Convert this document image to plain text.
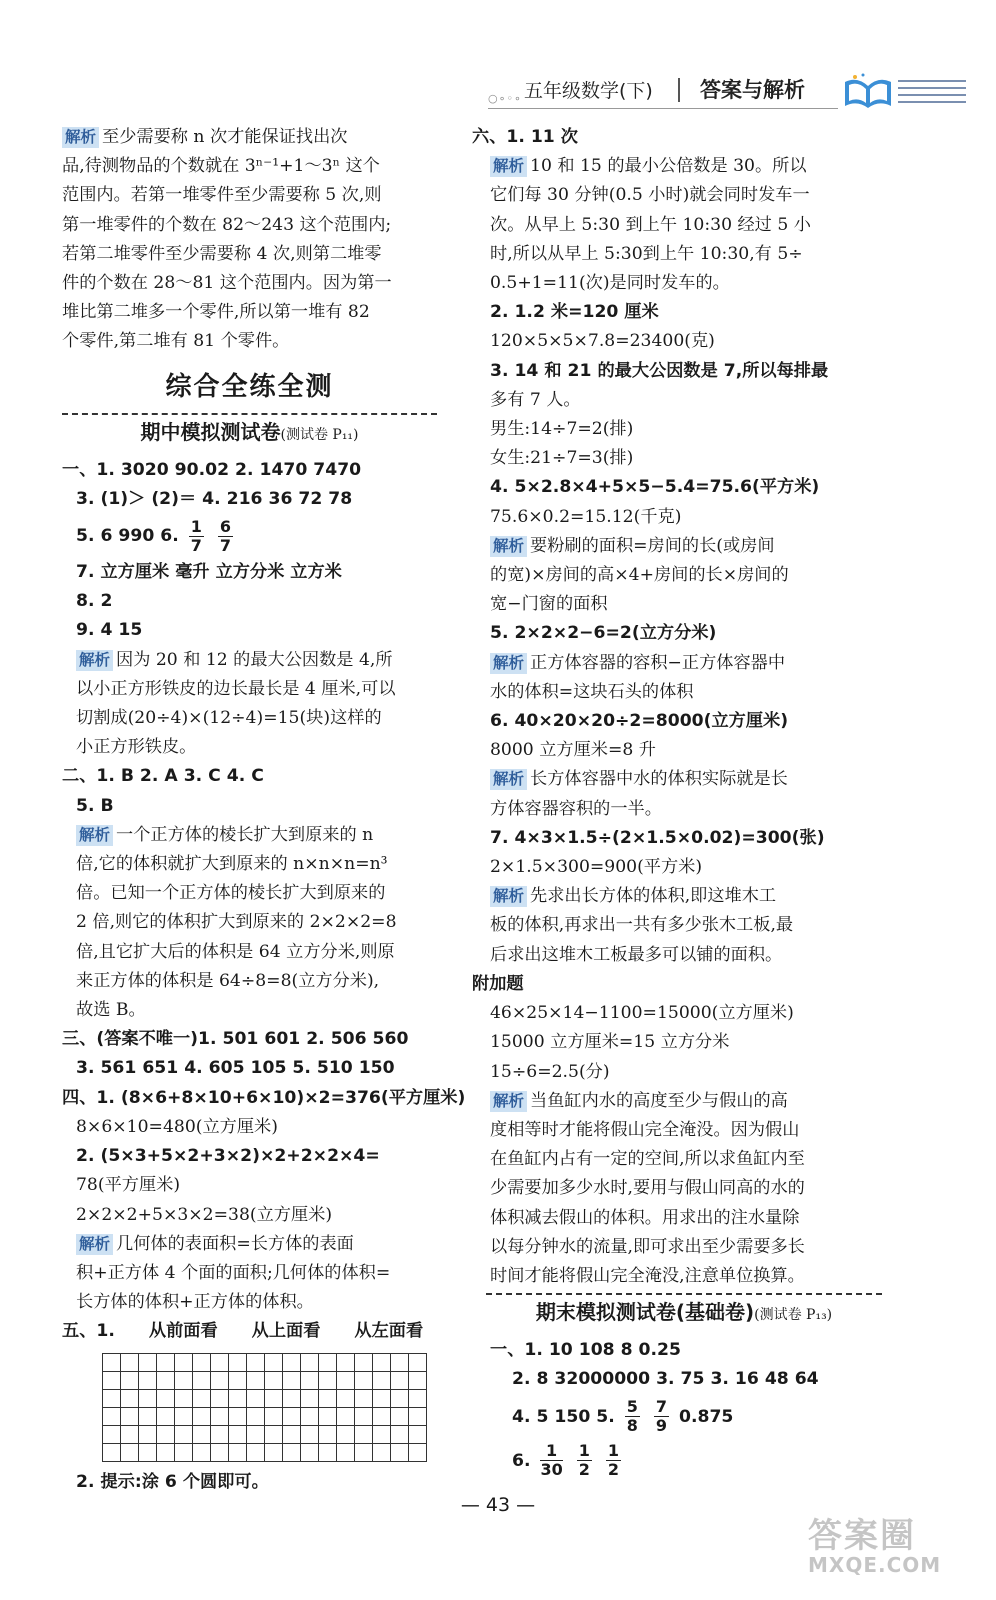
○∘◦∘ 五年级数学(下) 答案与解析
解析 至少需要称 n 次才能保证找出次
品,待测物品的个数就在 3ⁿ⁻¹+1～3ⁿ 这个
范围内。若第一堆零件至少需要称 5 次,则
第一堆零件的个数在 82～243 这个范围内;
若第二堆零件至少需要称 4 次,则第二堆零
件的个数在 28～81 这个范围内。因为第一
堆比第二堆多一个零件,所以第一堆有 82
个零件,第二堆有 81 个零件。
综合全练全测
期中模拟测试卷(测试卷 P₁₁)
一、1. 3020 90.02 2. 1470 7470
3. (1)＞ (2)＝ 4. 216 36 72 78
5. 6 990 6. $\frac{1}{7}$
$\frac{6}{7}$
7. 立方厘米 毫升 立方分米 立方米
8. 2
9. 4 15
解析 因为 20 和 12 的最大公因数是 4,所
以小正方形铁皮的边长最长是 4 厘米,可以
切割成(20÷4)×(12÷4)=15(块)这样的
小正方形铁皮。
二、1. B 2. A 3. C 4. C
5. B
解析 一个正方体的棱长扩大到原来的 n
倍,它的体积就扩大到原来的 n×n×n=n³
倍。已知一个正方体的棱长扩大到原来的
2 倍,则它的体积扩大到原来的 2×2×2=8
倍,且它扩大后的体积是 64 立方分米,则原
来正方体的体积是 64÷8=8(立方分米),
故选 B。
三、(答案不唯一)1. 501 601 2. 506 560
3. 561 651 4. 605 105 5. 510 150
四、1. (8×6+8×10+6×10)×2=376(平方厘米)
8×6×10=480(立方厘米)
2. (5×3+5×2+3×2)×2+2×2×4=
78(平方厘米)
2×2×2+5×3×2=38(立方厘米)
解析 几何体的表面积=长方体的表面
积+正方体 4 个面的面积;几何体的体积=
长方体的体积+正方体的体积。
五、1. 从前面看 从上面看 从左面看

2. 提示:涂 6 个圆即可。
六、1. 11 次
解析 10 和 15 的最小公倍数是 30。所以
它们每 30 分钟(0.5 小时)就会同时发车一
次。从早上 5:30 到上午 10:30 经过 5 小
时,所以从早上 5:30到上午 10:30,有 5÷
0.5+1=11(次)是同时发车的。
2. 1.2 米=120 厘米
120×5×5×7.8=23400(克)
3. 14 和 21 的最大公因数是 7,所以每排最
多有 7 人。
男生:14÷7=2(排)
女生:21÷7=3(排)
4. 5×2.8×4+5×5−5.4=75.6(平方米)
75.6×0.2=15.12(千克)
解析 要粉刷的面积=房间的长(或房间
的宽)×房间的高×4+房间的长×房间的
宽−门窗的面积
5. 2×2×2−6=2(立方分米)
解析 正方体容器的容积−正方体容器中
水的体积=这块石头的体积
6. 40×20×20÷2=8000(立方厘米)
8000 立方厘米=8 升
解析 长方体容器中水的体积实际就是长
方体容器容积的一半。
7. 4×3×1.5÷(2×1.5×0.02)=300(张)
2×1.5×300=900(平方米)
解析 先求出长方体的体积,即这堆木工
板的体积,再求出一共有多少张木工板,最
后求出这堆木工板最多可以铺的面积。
附加题
46×25×14−1100=15000(立方厘米)
15000 立方厘米=15 立方分米
15÷6=2.5(分)
解析 当鱼缸内水的高度至少与假山的高
度相等时才能将假山完全淹没。因为假山
在鱼缸内占有一定的空间,所以求鱼缸内至
少需要加多少水时,要用与假山同高的水的
体积减去假山的体积。用求出的注水量除
以每分钟水的流量,即可求出至少需要多长
时间才能将假山完全淹没,注意单位换算。
期末模拟测试卷(基础卷)(测试卷 P₁₃)
一、1. 10 108 8 0.25
2. 8 32000000 3. 75 3. 16 48 64
4. 5 150 5. $\frac{5}{8}$
$\frac{7}{9} 0.875$
6. $\frac{1}{30}$
$\frac{1}{2}$
$\frac{1}{2}$
— 43 —
答案圈
MXQE.COM
